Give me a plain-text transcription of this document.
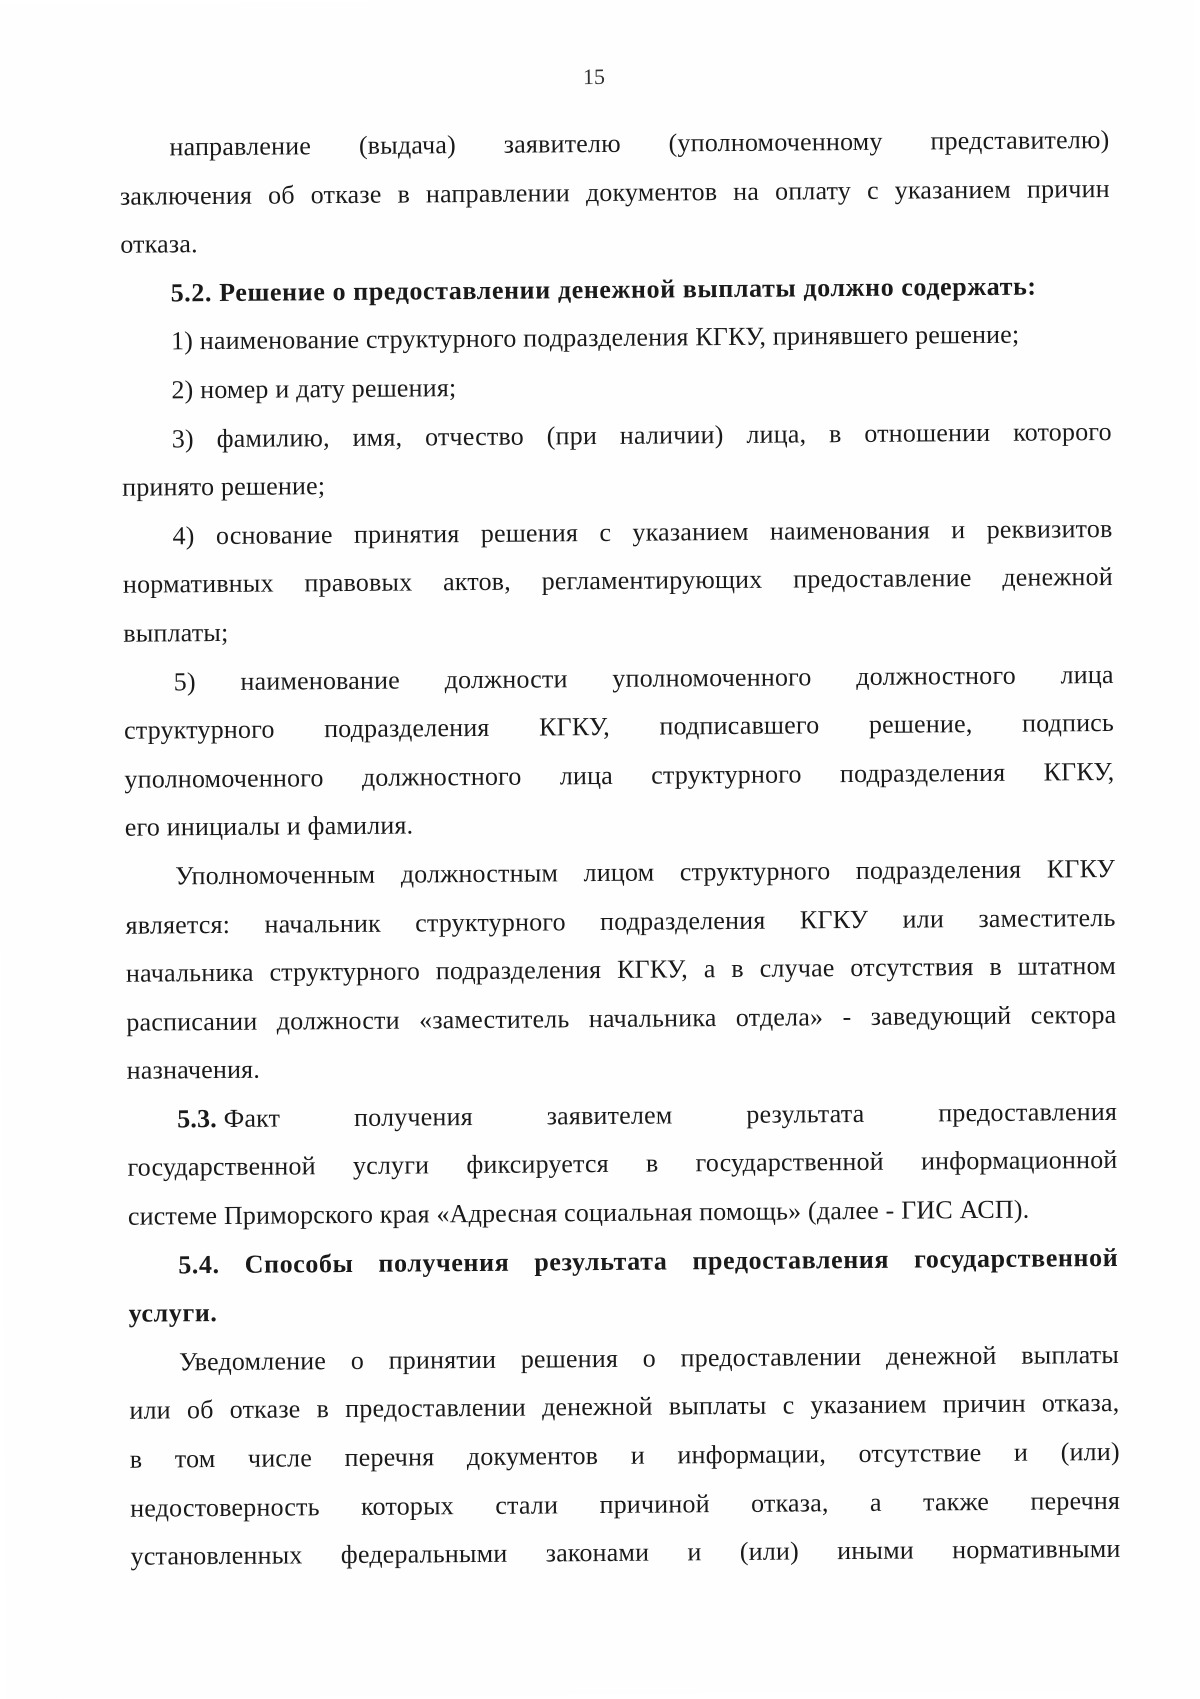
15
направление (выдача) заявителю (уполномоченному представителю)
заключения об отказе в направлении документов на оплату с указанием причин
отказа.
5.2. Решение о предоставлении денежной выплаты должно содержать:
1) наименование структурного подразделения КГКУ, принявшего решение;
2) номер и дату решения;
3) фамилию, имя, отчество (при наличии) лица, в отношении которого
принято решение;
4) основание принятия решения с указанием наименования и реквизитов
нормативных правовых актов, регламентирующих предоставление денежной
выплаты;
5) наименование должности уполномоченного должностного лица
структурного подразделения КГКУ, подписавшего решение, подпись
уполномоченного должностного лица структурного подразделения КГКУ,
его инициалы и фамилия.
Уполномоченным должностным лицом структурного подразделения КГКУ
является: начальник структурного подразделения КГКУ или заместитель
начальника структурного подразделения КГКУ, а в случае отсутствия в штатном
расписании должности «заместитель начальника отдела» - заведующий сектора
назначения.
5.3. Факт	получения	заявителем	результата	предоставления
государственной услуги фиксируется в государственной информационной
системе Приморского края «Адресная социальная помощь» (далее - ГИС АСП).
5.4. Способы получения результата предоставления государственной
услуги.
Уведомление о принятии решения о предоставлении денежной выплаты
или об отказе в предоставлении денежной выплаты с указанием причин отказа,
в том числе перечня документов и информации, отсутствие и (или)
недостоверность которых стали причиной отказа, а также перечня
установленных федеральными законами и (или) иными нормативными
